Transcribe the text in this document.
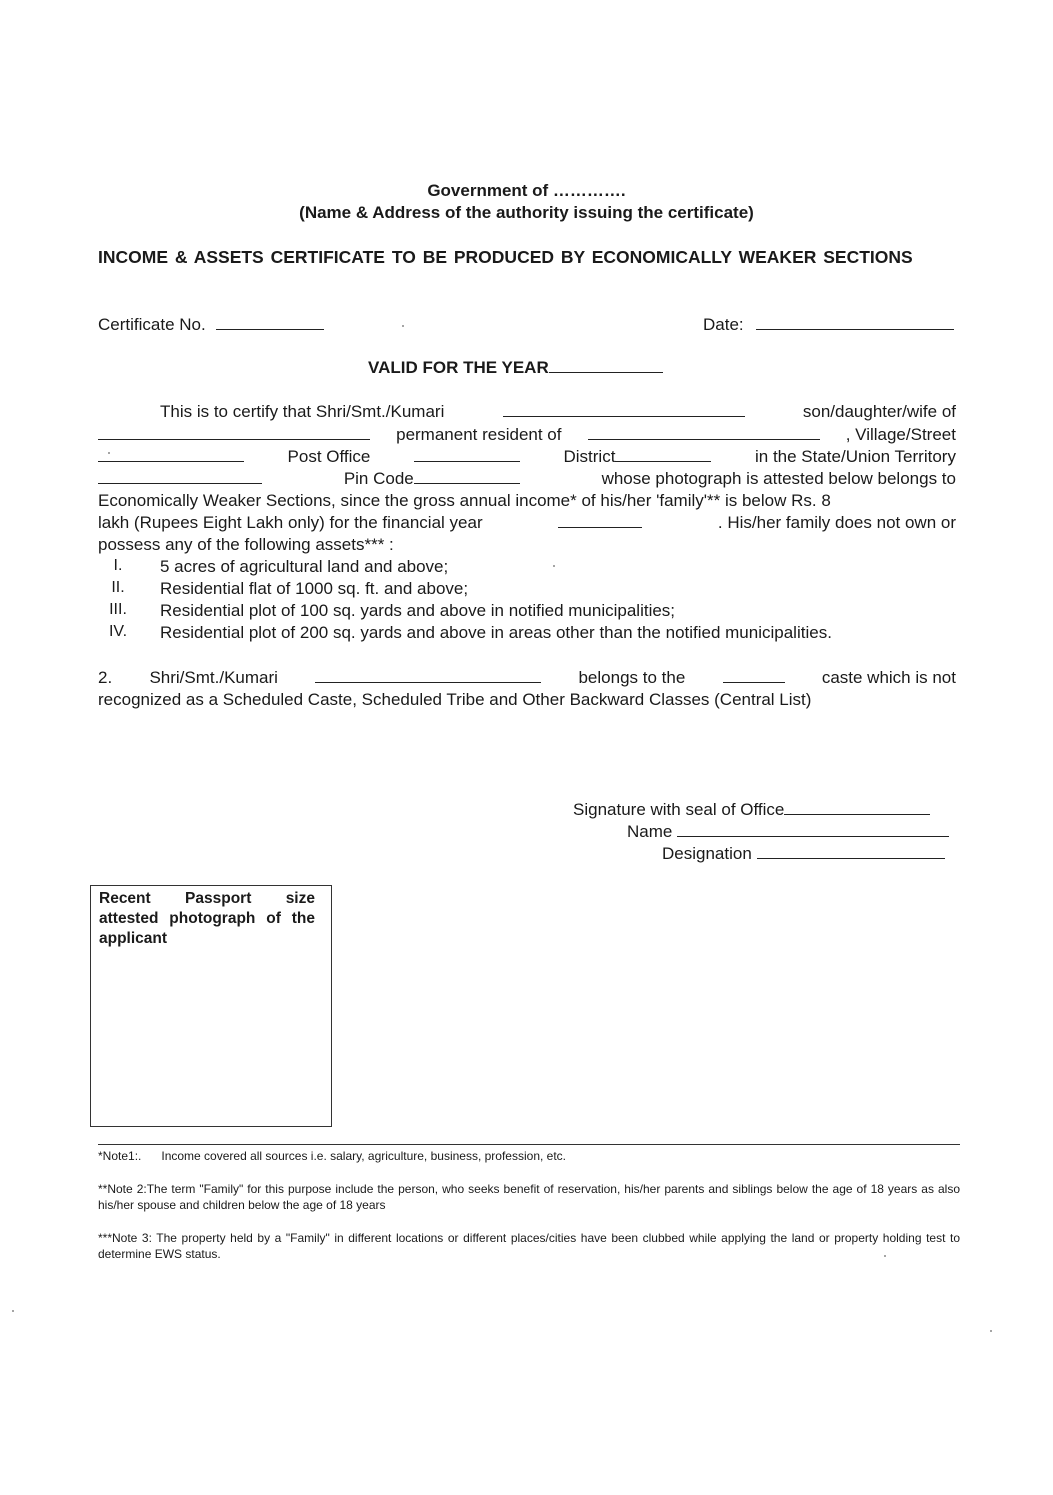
Government of ………….
(Name & Address of the authority issuing the certificate)
INCOME & ASSETS CERTIFICATE TO BE PRODUCED BY ECONOMICALLY WEAKER SECTIONS
Certificate No.	Date:
VALID FOR THE YEAR
This is to certify that Shri/Smt./Kumari	son/daughter/wife of
permanent resident of	, Village/Street
Post Office	District	in the State/Union Territory
Pin Code	whose photograph is attested below belongs to
Economically Weaker Sections, since the gross annual income* of his/her 'family'** is below Rs. 8
lakh (Rupees Eight Lakh only) for the financial year	. His/her family does not own or
possess any of the following assets*** :
I.	5 acres of agricultural land and above;
II.	Residential flat of 1000 sq. ft. and above;
III.	Residential plot of 100 sq. yards and above in notified municipalities;
IV.	Residential plot of 200 sq. yards and above in areas other than the notified municipalities.
2. Shri/Smt./Kumari	belongs to the	caste which is not
recognized as a Scheduled Caste, Scheduled Tribe and Other Backward Classes (Central List)
Signature with seal of Office
Name
Designation
Recent Passport size attested photograph of the applicant
*Note1:. Income covered all sources i.e. salary, agriculture, business, profession, etc.
**Note 2:The term "Family" for this purpose include the person, who seeks benefit of reservation, his/her parents and siblings below the age of 18 years as also his/her spouse and children below the age of 18 years
***Note 3: The property held by a "Family" in different locations or different places/cities have been clubbed while applying the land or property holding test to determine EWS status.
